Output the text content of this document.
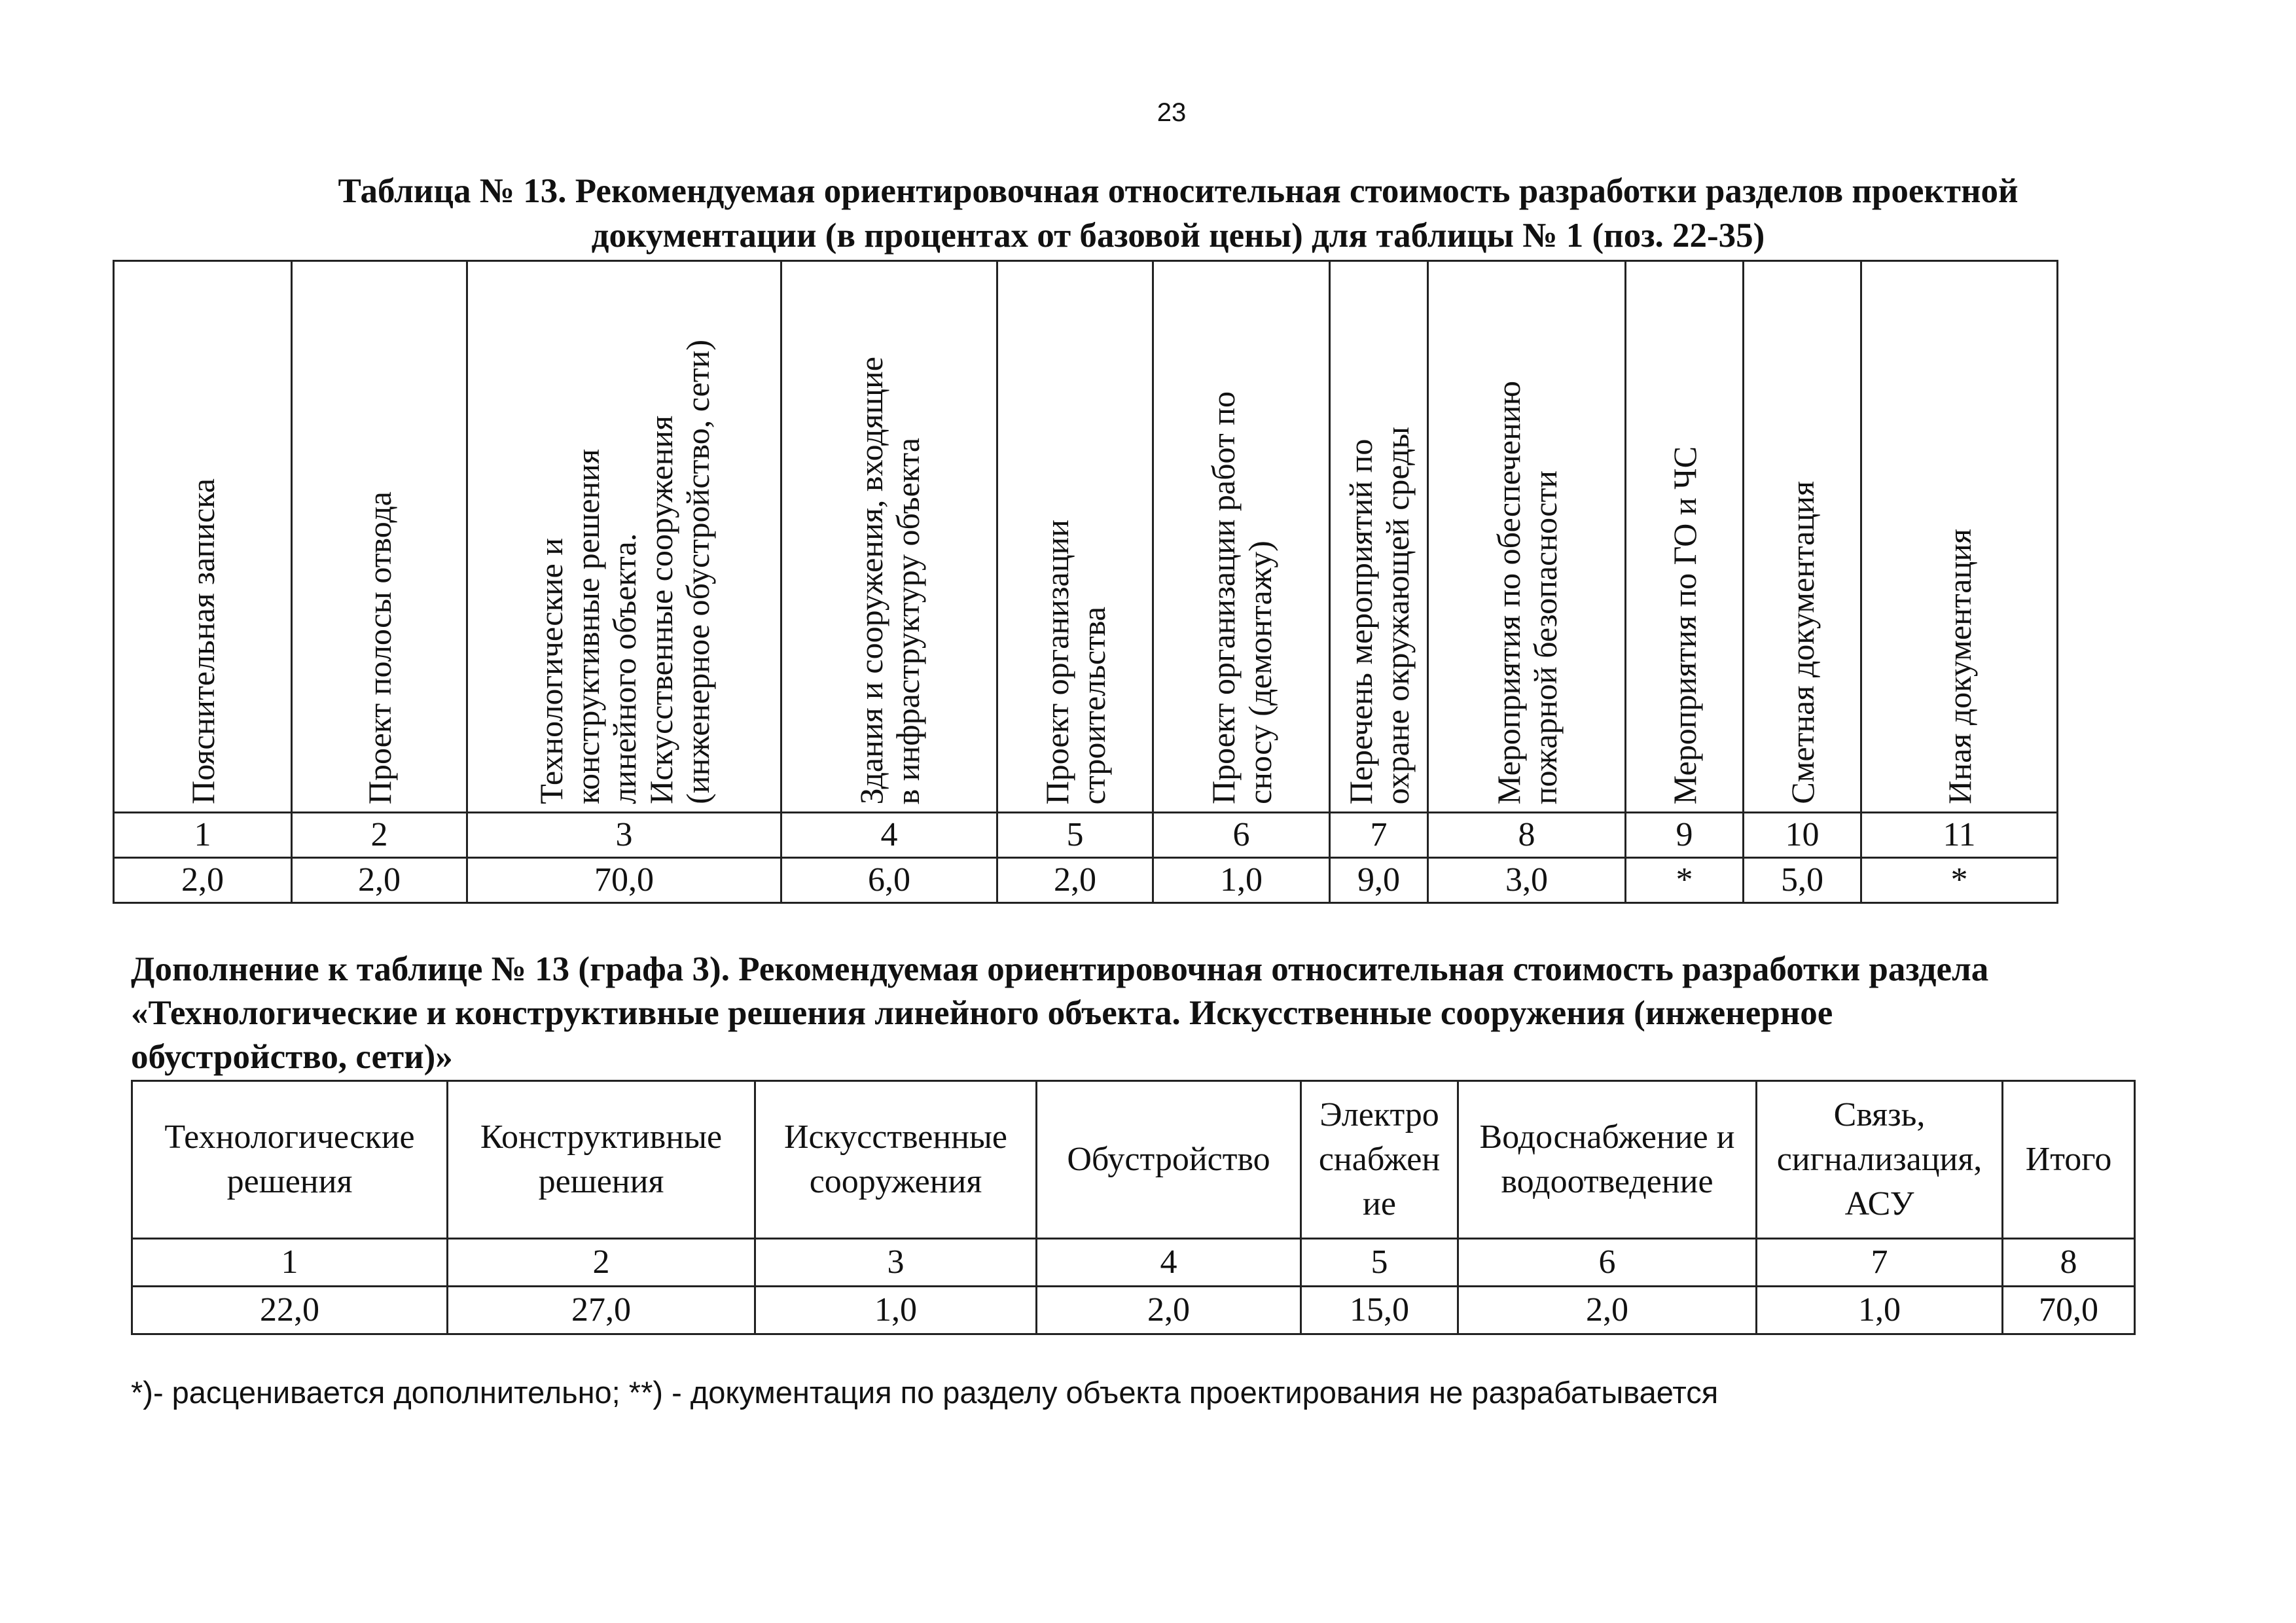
23
Таблица № 13. Рекомендуемая ориентировочная относительная стоимость разработки разделов проектной
документации (в процентах от базовой цены) для таблицы № 1 (поз. 22-35)
Пояснительная записка	Проект полосы отвода	Технологические и конструктивные решения линейного объекта. Искусственные сооружения (инженерное обустройство, сети)	Здания и сооружения, входящие в инфраструктуру объекта	Проект организации строительства	Проект организации работ по сносу (демонтажу)	Перечень мероприятий по охране окружающей среды	Мероприятия по обеспечению пожарной безопасности	Мероприятия по ГО и ЧС	Сметная документация	Иная документация

1	2	3	4	5	6	7	8	9	10	11
2,0	2,0	70,0	6,0	2,0	1,0	9,0	3,0	*	5,0	*
Дополнение к таблице № 13 (графа 3). Рекомендуемая ориентировочная относительная стоимость разработки раздела
«Технологические и конструктивные решения линейного объекта. Искусственные сооружения (инженерное
обустройство, сети)»
Технологические
решения	Конструктивные
решения	Искусственные
сооружения	Обустройство	Электро
снабжен
ие	Водоснабжение и
водоотведение	Связь,
сигнализация,
АСУ	Итого

1	2	3	4	5	6	7	8
22,0	27,0	1,0	2,0	15,0	2,0	1,0	70,0
*)- расценивается дополнительно; **) - документация по разделу объекта проектирования не разрабатывается
